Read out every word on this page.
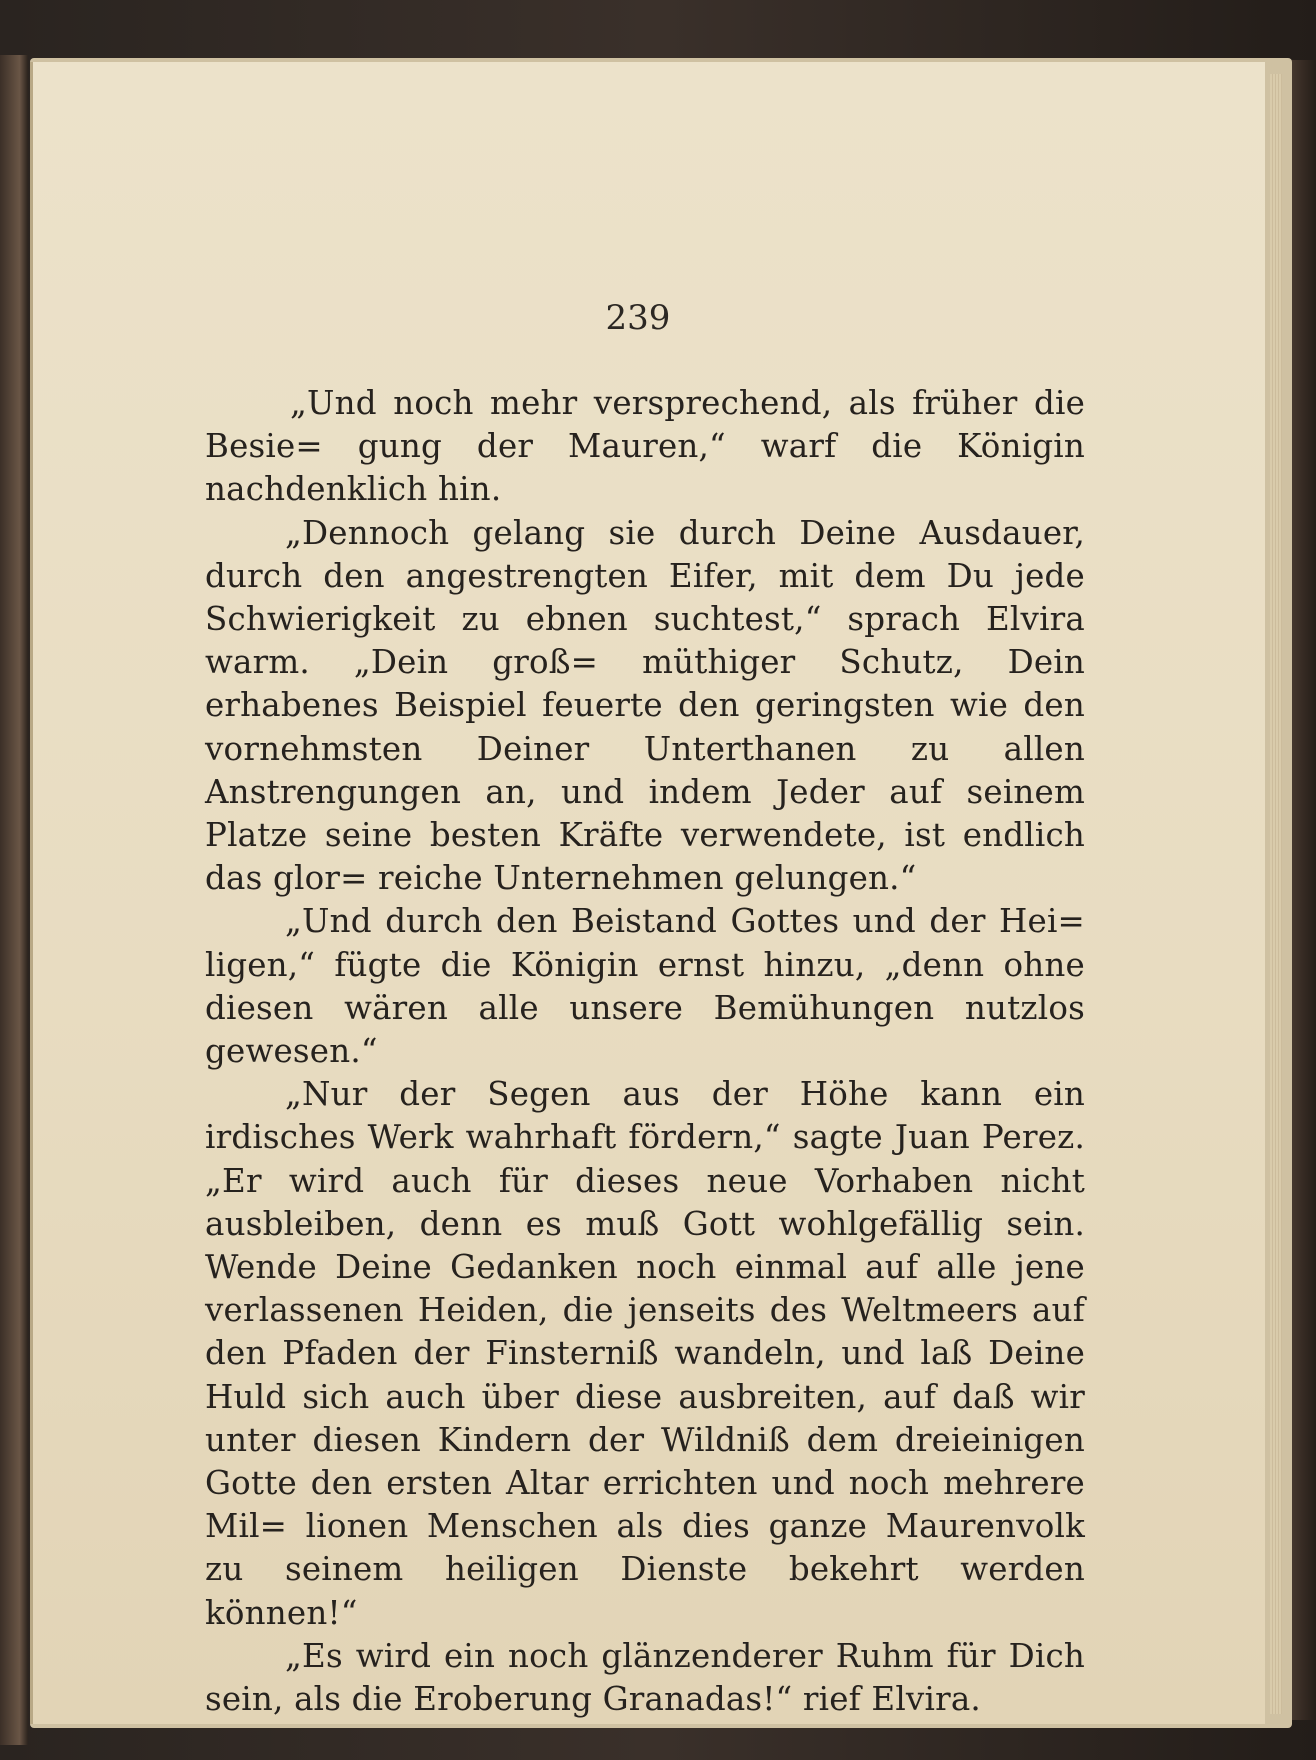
239

„Und noch mehr versprechend, als früher die Besie= gung der Mauren,“ warf die Königin nachdenklich hin.

„Dennoch gelang sie durch Deine Ausdauer, durch den angestrengten Eifer, mit dem Du jede Schwierigkeit zu ebnen suchtest,“ sprach Elvira warm. „Dein groß= müthiger Schutz, Dein erhabenes Beispiel feuerte den geringsten wie den vornehmsten Deiner Unterthanen zu allen Anstrengungen an, und indem Jeder auf seinem Platze seine besten Kräfte verwendete, ist endlich das glor= reiche Unternehmen gelungen.“

„Und durch den Beistand Gottes und der Hei= ligen,“ fügte die Königin ernst hinzu, „denn ohne diesen wären alle unsere Bemühungen nutzlos gewesen.“

„Nur der Segen aus der Höhe kann ein irdisches Werk wahrhaft fördern,“ sagte Juan Perez. „Er wird auch für dieses neue Vorhaben nicht ausbleiben, denn es muß Gott wohlgefällig sein. Wende Deine Gedanken noch einmal auf alle jene verlassenen Heiden, die jenseits des Weltmeers auf den Pfaden der Finsterniß wandeln, und laß Deine Huld sich auch über diese ausbreiten, auf daß wir unter diesen Kindern der Wildniß dem dreieinigen Gotte den ersten Altar errichten und noch mehrere Mil= lionen Menschen als dies ganze Maurenvolk zu seinem heiligen Dienste bekehrt werden können!“

„Es wird ein noch glänzenderer Ruhm für Dich sein, als die Eroberung Granadas!“ rief Elvira.
